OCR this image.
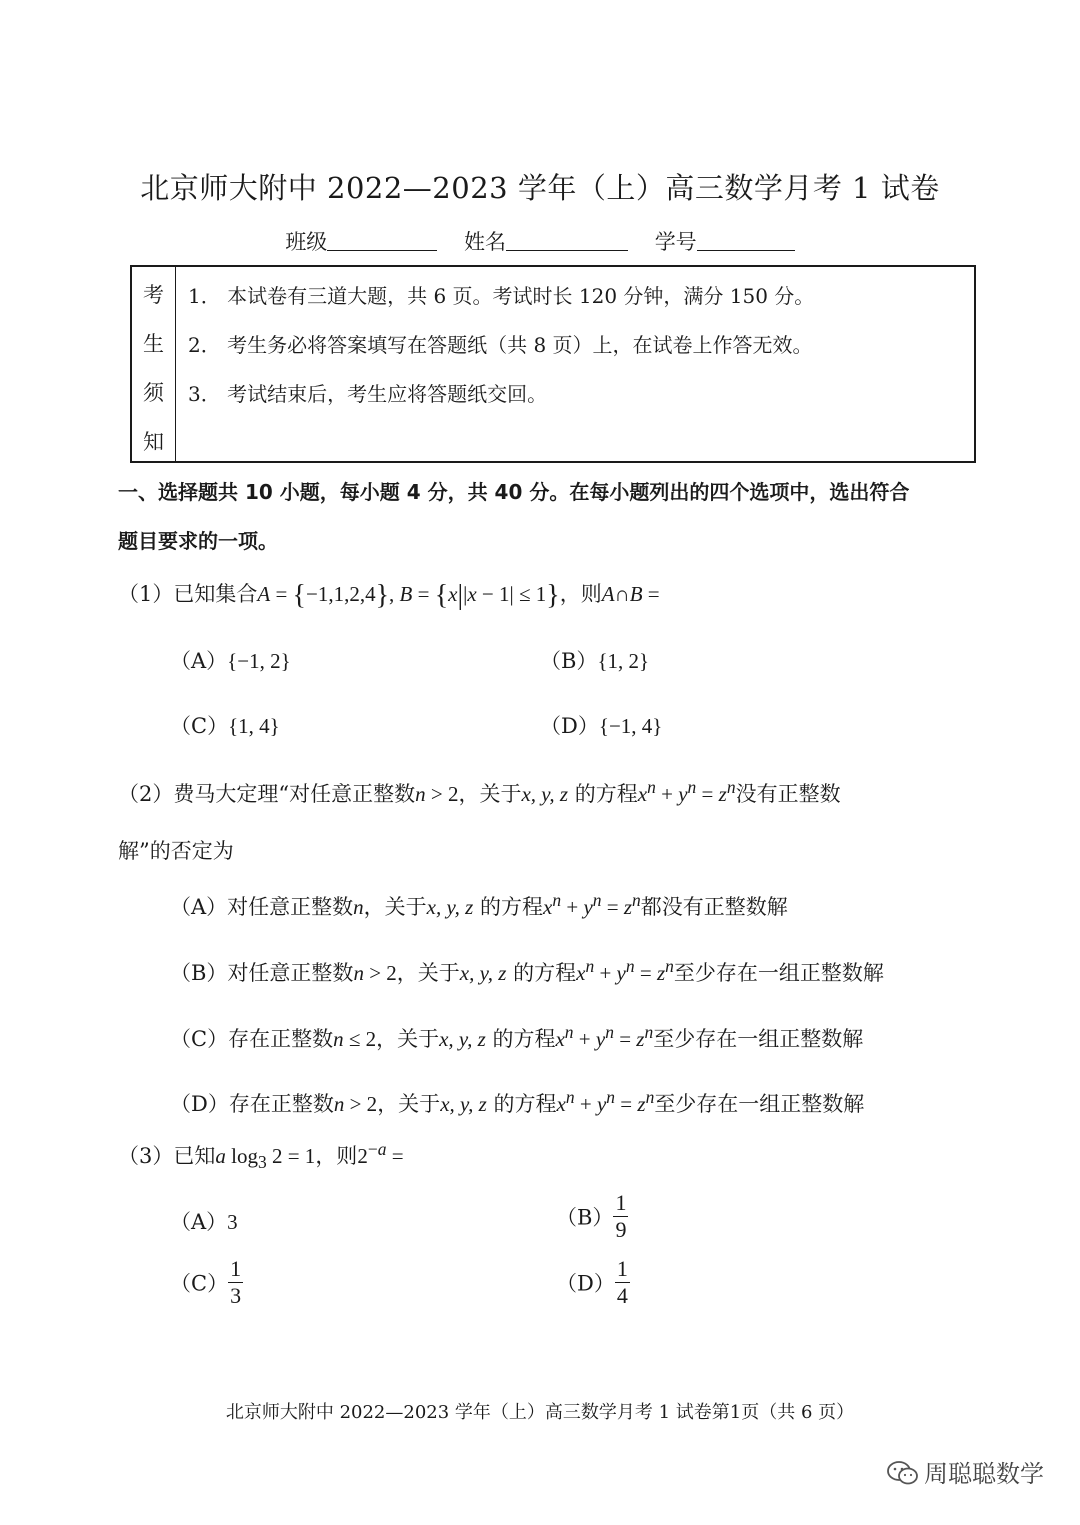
北京师大附中 2022—2023 学年（上）高三数学月考 1 试卷
班级	姓名	学号
考
生
须
知
1． 本试卷有三道大题，共 6 页。考试时长 120 分钟，满分 150 分。
2． 考生务必将答案填写在答题纸（共 8 页）上，在试卷上作答无效。
3． 考试结束后，考生应将答题纸交回。
一、选择题共 10 小题，每小题 4 分，共 40 分。在每小题列出的四个选项中，选出符合
题目要求的一项。
（1）已知集合A = {−1,1,2,4}, B = {x||x − 1| ≤ 1}，则A∩B =
（A）{−1, 2}	（B）{1, 2}
（C）{1, 4}	（D）{−1, 4}
（2）费马大定理“对任意正整数n > 2，关于x, y, z 的方程$x^n + y^n = z^n$没有正整数
解”的否定为
（A）对任意正整数n，关于x, y, z 的方程$x^n + y^n = z^n$都没有正整数解
（B）对任意正整数n > 2，关于x, y, z 的方程$x^n + y^n = z^n$至少存在一组正整数解
（C）存在正整数n ≤ 2，关于x, y, z 的方程$x^n + y^n = z^n$至少存在一组正整数解
（D）存在正整数n > 2，关于x, y, z 的方程$x^n + y^n = z^n$至少存在一组正整数解
（3）已知a $\log_3 2 = 1$，则$2^{-a}$ =
（A）3	$(B) \frac{1}{9}$
$(C) \frac{1}{3}$	$(D) \frac{1}{4}$
北京师大附中 2022—2023 学年（上）高三数学月考 1 试卷第1页（共 6 页）
周聪聪数学
